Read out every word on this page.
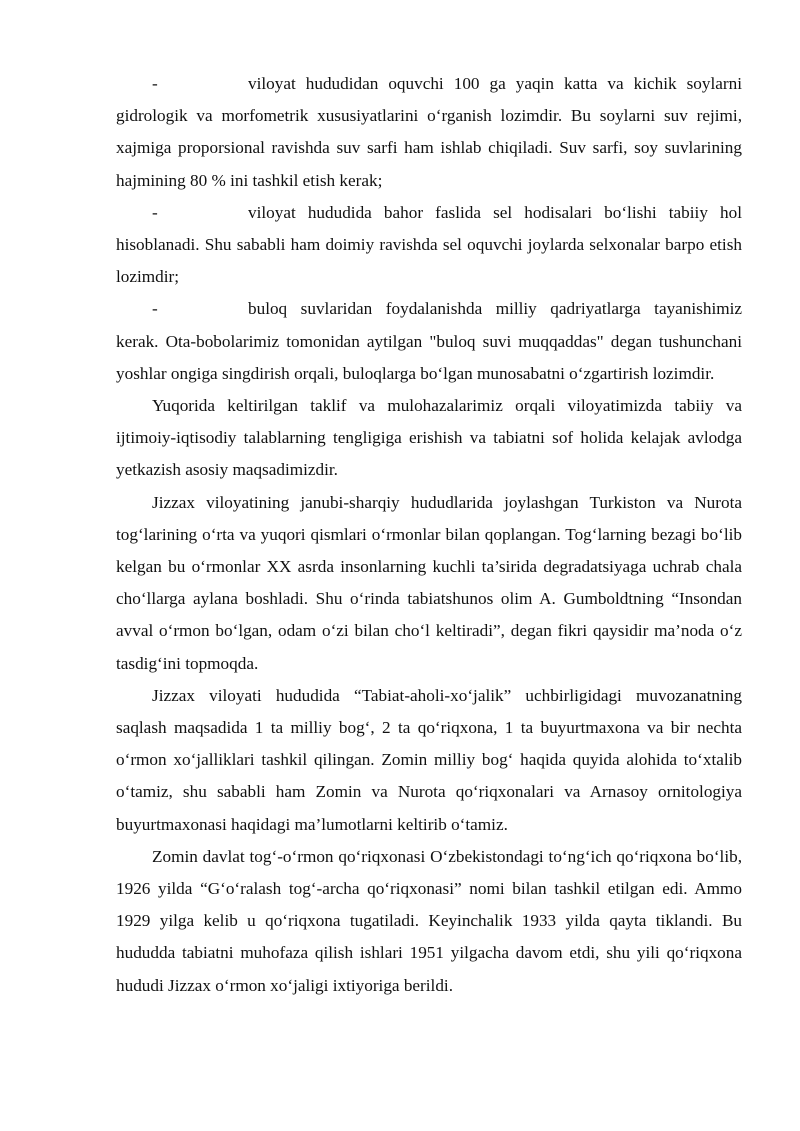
-	viloyat hududidan oquvchi 100 ga yaqin katta va kichik soylarni gidrologik va morfometrik xususiyatlarini o‘rganish lozimdir. Bu soylarni suv rejimi, xajmiga proporsional ravishda suv sarfi ham ishlab chiqiladi. Suv sarfi, soy suvlarining hajmining 80 % ini tashkil etish kerak;

-	viloyat hududida bahor faslida sel hodisalari bo‘lishi tabiiy hol hisoblanadi. Shu sababli ham doimiy ravishda sel oquvchi joylarda selxonalar barpo etish lozimdir;

-	buloq suvlaridan foydalanishda milliy qadriyatlarga tayanishimiz kerak. Ota-bobolarimiz tomonidan aytilgan "buloq suvi muqqaddas" degan tushunchani yoshlar ongiga singdirish orqali, buloqlarga bo‘lgan munosabatni o‘zgartirish lozimdir.

Yuqorida keltirilgan taklif va mulohazalarimiz orqali viloyatimizda tabiiy va ijtimoiy-iqtisodiy talablarning tengligiga erishish va tabiatni sof holida kelajak avlodga yetkazish asosiy maqsadimizdir.

Jizzax viloyatining janubi-sharqiy hududlarida joylashgan Turkiston va Nurota tog‘larining o‘rta va yuqori qismlari o‘rmonlar bilan qoplangan. Tog‘larning bezagi bo‘lib kelgan bu o‘rmonlar XX asrda insonlarning kuchli ta’sirida degradatsiyaga uchrab chala cho‘llarga aylana boshladi. Shu o‘rinda tabiatshunos olim A. Gumboldtning “Insondan avval o‘rmon bo‘lgan, odam o‘zi bilan cho‘l keltiradi”, degan fikri qaysidir ma’noda o‘z tasdig‘ini topmoqda.

Jizzax viloyati hududida “Tabiat-aholi-xo‘jalik” uchbirligidagi muvozanatning saqlash maqsadida 1 ta milliy bog‘, 2 ta qo‘riqxona, 1 ta buyurtmaxona va bir nechta o‘rmon xo‘jalliklari tashkil qilingan. Zomin milliy bog‘ haqida quyida alohida to‘xtalib o‘tamiz, shu sababli ham Zomin va Nurota qo‘riqxonalari va Arnasoy ornitologiya buyurtmaxonasi haqidagi ma’lumotlarni keltirib o‘tamiz.

Zomin davlat tog‘-o‘rmon qo‘riqxonasi O‘zbekistondagi to‘ng‘ich qo‘riqxona bo‘lib, 1926 yilda “G‘o‘ralash tog‘-archa qo‘riqxonasi” nomi bilan tashkil etilgan edi. Ammo 1929 yilga kelib u qo‘riqxona tugatiladi. Keyinchalik 1933 yilda qayta tiklandi. Bu hududda tabiatni muhofaza qilish ishlari 1951 yilgacha davom etdi, shu yili qo‘riqxona hududi Jizzax o‘rmon xo‘jaligi ixtiyoriga berildi.
